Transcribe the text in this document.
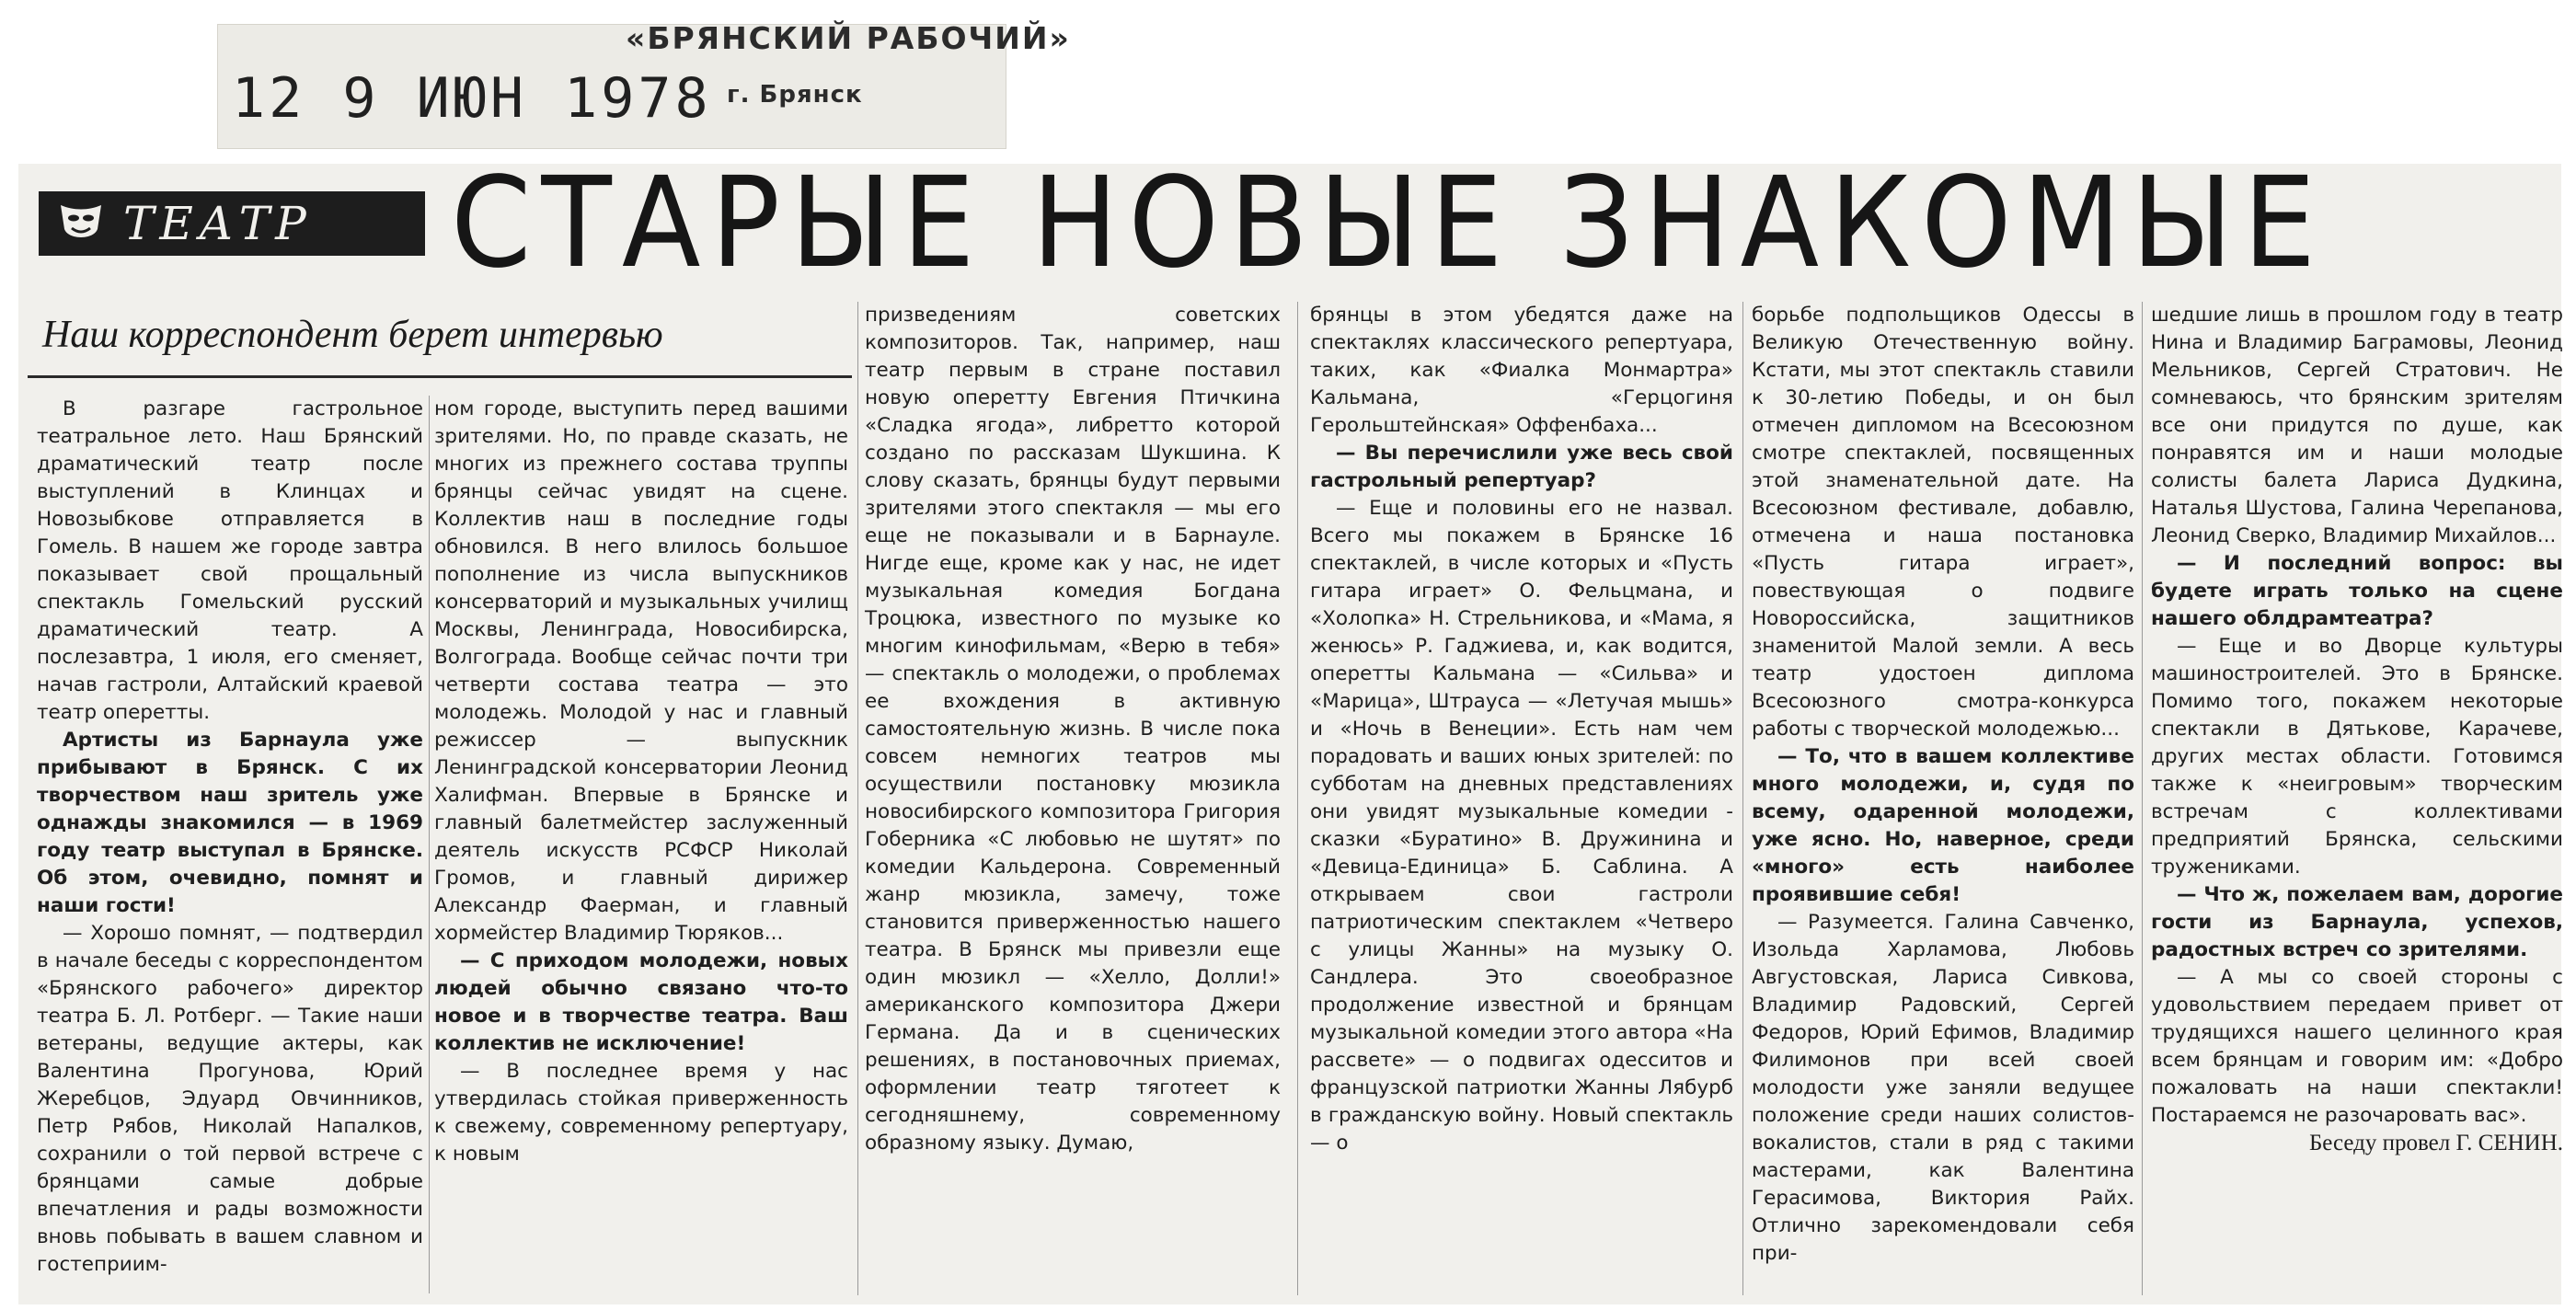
12 9 ИЮН 1978
«БРЯНСКИЙ РАБОЧИЙ»
г. Брянск
ТЕАТР СТАРЫЕ НОВЫЕ ЗНАКОМЫЕ
Наш корреспондент берет интервью

В разгаре гастрольное театральное лето. Наш Брянский драматический театр после выступлений в Клинцах и Новозыбкове отправляется в Гомель. В нашем же городе завтра показывает свой прощальный спектакль Гомельский русский драматический театр. А послезавтра, 1 июля, его сменяет, начав гастроли, Алтайский краевой театр оперетты.

Артисты из Барнаула уже прибывают в Брянск. С их творчеством наш зритель уже однажды знакомился — в 1969 году театр выступал в Брянске. Об этом, очевидно, помнят и наши гости!

— Хорошо помнят, — подтвердил в начале беседы с корреспондентом «Брянского рабочего» директор театра Б. Л. Ротберг. — Такие наши ветераны, ведущие актеры, как Валентина Прогунова, Юрий Жеребцов, Эдуард Овчинников, Петр Рябов, Николай Напалков, сохранили о той первой встрече с брянцами самые добрые впечатления и рады возможности вновь побывать в вашем славном и гостеприим-

ном городе, выступить перед вашими зрителями. Но, по правде сказать, не многих из прежнего состава труппы брянцы сейчас увидят на сцене. Коллектив наш в последние годы обновился. В него влилось большое пополнение из числа выпускников консерваторий и музыкальных училищ Москвы, Ленинграда, Новосибирска, Волгограда. Вообще сейчас почти три четверти состава театра — это молодежь. Молодой у нас и главный режиссер — выпускник Ленинградской консерватории Леонид Халифман. Впервые в Брянске и главный балетмейстер заслуженный деятель искусств РСФСР Николай Громов, и главный дирижер Александр Фаерман, и главный хормейстер Владимир Тюряков...

— С приходом молодежи, новых людей обычно связано что-то новое и в творчестве театра. Ваш коллектив не исключение!

— В последнее время у нас утвердилась стойкая приверженность к свежему, современному репертуару, к новым

призведениям советских композиторов. Так, например, наш театр первым в стране поставил новую оперетту Евгения Птичкина «Сладка ягода», либретто которой создано по рассказам Шукшина. К слову сказать, брянцы будут первыми зрителями этого спектакля — мы его еще не показывали и в Барнауле. Нигде еще, кроме как у нас, не идет музыкальная комедия Богдана Троцюка, известного по музыке ко многим кинофильмам, «Верю в тебя» — спектакль о молодежи, о проблемах ее вхождения в активную самостоятельную жизнь. В числе пока совсем немногих театров мы осуществили постановку мюзикла новосибирского композитора Григория Гоберника «С любовью не шутят» по комедии Кальдерона. Современный жанр мюзикла, замечу, тоже становится приверженностью нашего театра. В Брянск мы привезли еще один мюзикл — «Хелло, Долли!» американского композитора Джери Германа. Да и в сценических решениях, в постановочных приемах, оформлении театр тяготеет к сегодняшнему, современному образному языку. Думаю,

брянцы в этом убедятся даже на спектаклях классического репертуара, таких, как «Фиалка Монмартра» Кальмана, «Герцогиня Герольштейнская» Оффенбаха...

— Вы перечислили уже весь свой гастрольный репертуар?

— Еще и половины его не назвал. Всего мы покажем в Брянске 16 спектаклей, в числе которых и «Пусть гитара играет» О. Фельцмана, и «Холопка» Н. Стрельникова, и «Мама, я женюсь» Р. Гаджиева, и, как водится, оперетты Кальмана — «Сильва» и «Марица», Штрауса — «Летучая мышь» и «Ночь в Венеции». Есть нам чем порадовать и ваших юных зрителей: по субботам на дневных представлениях они увидят музыкальные комедии - сказки «Буратино» В. Дружинина и «Девица-Единица» Б. Саблина. А открываем свои гастроли патриотическим спектаклем «Четверо с улицы Жанны» на музыку О. Сандлера. Это своеобразное продолжение известной и брянцам музыкальной комедии этого автора «На рассвете» — о подвигах одесситов и французской патриотки Жанны Лябурб в гражданскую войну. Новый спектакль — о

борьбе подпольщиков Одессы в Великую Отечественную войну. Кстати, мы этот спектакль ставили к 30-летию Победы, и он был отмечен дипломом на Всесоюзном смотре спектаклей, посвященных этой знаменательной дате. На Всесоюзном фестивале, добавлю, отмечена и наша постановка «Пусть гитара играет», повествующая о подвиге Новороссийска, защитников знаменитой Малой земли. А весь театр удостоен диплома Всесоюзного смотра-конкурса работы с творческой молодежью...

— То, что в вашем коллективе много молодежи, и, судя по всему, одаренной молодежи, уже ясно. Но, наверное, среди «много» есть наиболее проявившие себя!

— Разумеется. Галина Савченко, Изольда Харламова, Любовь Августовская, Лариса Сивкова, Владимир Радовский, Сергей Федоров, Юрий Ефимов, Владимир Филимонов при всей своей молодости уже заняли ведущее положение среди наших солистов-вокалистов, стали в ряд с такими мастерами, как Валентина Герасимова, Виктория Райх. Отлично зарекомендовали себя при-

шедшие лишь в прошлом году в театр Нина и Владимир Баграмовы, Леонид Мельников, Сергей Стратович. Не сомневаюсь, что брянским зрителям все они придутся по душе, как понравятся им и наши молодые солисты балета Лариса Дудкина, Наталья Шустова, Галина Черепанова, Леонид Сверко, Владимир Михайлов...

— И последний вопрос: вы будете играть только на сцене нашего облдрамтеатра?

— Еще и во Дворце культуры машиностроителей. Это в Брянске. Помимо того, покажем некоторые спектакли в Дятькове, Карачеве, других местах области. Готовимся также к «неигровым» творческим встречам с коллективами предприятий Брянска, сельскими тружениками.

— Что ж, пожелаем вам, дорогие гости из Барнаула, успехов, радостных встреч со зрителями.

— А мы со своей стороны с удовольствием передаем привет от трудящихся нашего целинного края всем брянцам и говорим им: «Добро пожаловать на наши спектакли! Постараемся не разочаровать вас».

Беседу провел Г. СЕНИН.
